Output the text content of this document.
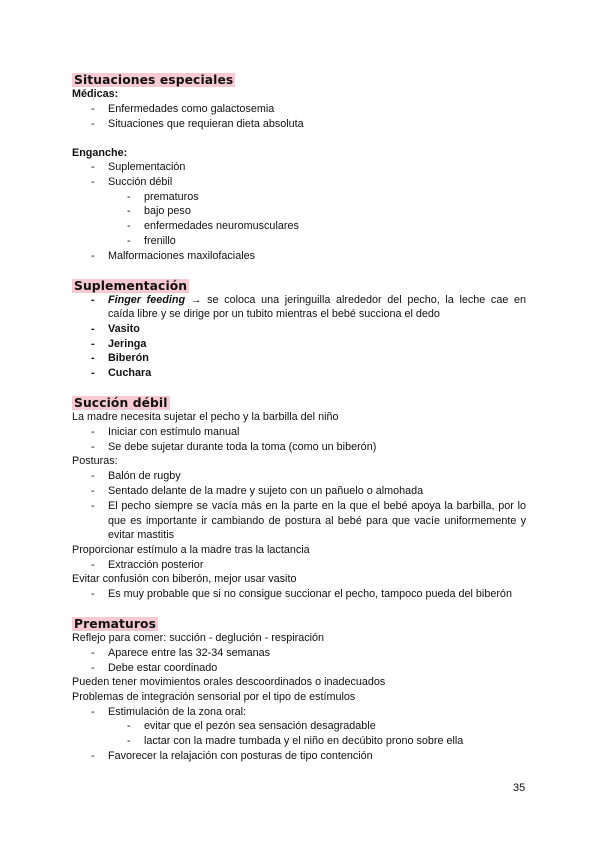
Situaciones especiales
Médicas:
- Enfermedades como galactosemia
- Situaciones que requieran dieta absoluta
Enganche:
- Suplementación
- Succión débil
- prematuros
- bajo peso
- enfermedades neuromusculares
- frenillo
- Malformaciones maxilofaciales
Suplementación
- Finger feeding → se coloca una jeringuilla alrededor del pecho, la leche cae en
caída libre y se dirige por un tubito mientras el bebé succiona el dedo
- Vasito
- Jeringa
- Biberón
- Cuchara
Succión débil
La madre necesita sujetar el pecho y la barbilla del niño
- Iniciar con estímulo manual
- Se debe sujetar durante toda la toma (como un biberón)
Posturas:
- Balón de rugby
- Sentado delante de la madre y sujeto con un pañuelo o almohada
- El pecho siempre se vacía más en la parte en la que el bebé apoya la barbilla, por lo
que es importante ir cambiando de postura al bebé para que vacíe uniformemente y
evitar mastitis
Proporcionar estímulo a la madre tras la lactancia
- Extracción posterior
Evitar confusión con biberón, mejor usar vasito
- Es muy probable que si no consigue succionar el pecho, tampoco pueda del biberón
Prematuros
Reflejo para comer: succión - deglución - respiración
- Aparece entre las 32-34 semanas
- Debe estar coordinado
Pueden tener movimientos orales descoordinados o inadecuados
Problemas de integración sensorial por el tipo de estímulos
- Estimulación de la zona oral:
- evitar que el pezón sea sensación desagradable
- lactar con la madre tumbada y el niño en decúbito prono sobre ella
- Favorecer la relajación con posturas de tipo contención
35
